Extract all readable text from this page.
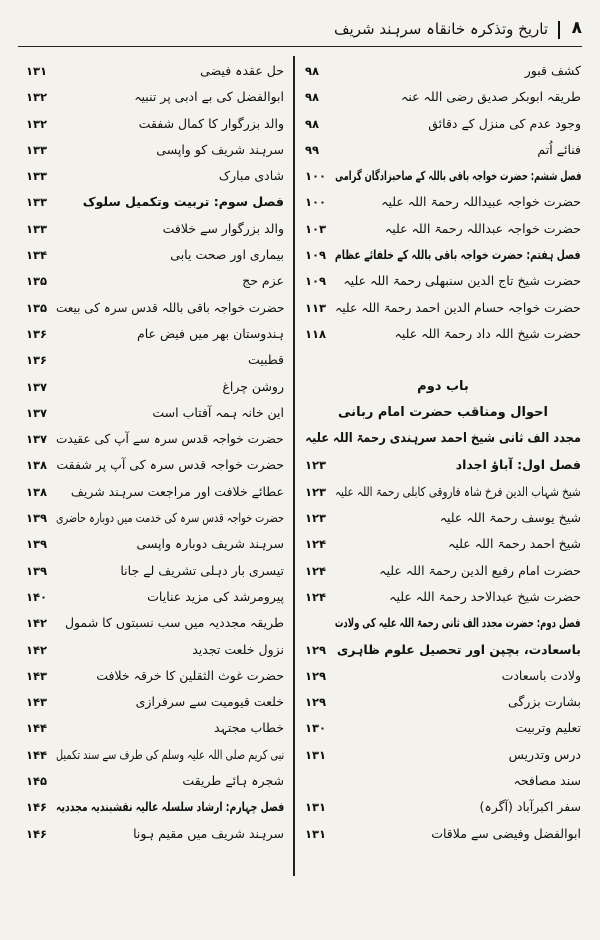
۸
تاریخ وتذکرہ خانقاہ سرہند شریف
کشف قبور
۹۸
طریقہ ابوبکر صدیق رضی اللہ عنہ
۹۸
وجود عدم کی منزل کے دقائق
۹۸
فنائے اُتم
۹۹
فصل ششم: حضرت خواجہ باقی باللہ کے صاحبزادگان گرامی
۱۰۰
حضرت خواجہ عبیداللہ رحمۃ اللہ علیہ
۱۰۰
حضرت خواجہ عبداللہ رحمۃ اللہ علیہ
۱۰۳
فصل ہفتم: حضرت خواجہ باقی باللہ کے خلفائے عظام
۱۰۹
حضرت شیخ تاج الدین سنبھلی رحمۃ اللہ علیہ
۱۰۹
حضرت خواجہ حسام الدین احمد رحمۃ اللہ علیہ
۱۱۳
حضرت شیخ اللہ داد رحمۃ اللہ علیہ
۱۱۸
باب دوم
احوال ومناقب حضرت امام ربانی
مجدد الف ثانی شیخ احمد سرہندی رحمۃ اللہ علیہ
فصل اول: آباؤ اجداد
۱۲۳
شیخ شہاب الدین فرخ شاہ فاروقی کابلی رحمۃ اللہ علیہ
۱۲۳
شیخ یوسف رحمۃ اللہ علیہ
۱۲۳
شیخ احمد رحمۃ اللہ علیہ
۱۲۴
حضرت امام رفیع الدین رحمۃ اللہ علیہ
۱۲۴
حضرت شیخ عبدالاحد رحمۃ اللہ علیہ
۱۲۴
فصل دوم: حضرت مجدد الف ثانی رحمۃ اللہ علیہ کی ولادت
باسعادت، بچپن اور تحصیل علوم ظاہری
۱۲۹
ولادت باسعادت
۱۲۹
بشارت بزرگی
۱۲۹
تعلیم وتربیت
۱۳۰
درس وتدریس
۱۳۱
سند مصافحہ
سفر اکبرآباد (آگرہ)
۱۳۱
ابوالفضل وفیضی سے ملاقات
۱۳۱
حل عقدہ فیضی
۱۳۱
ابوالفضل کی بے ادبی پر تنبیہ
۱۳۲
والد بزرگوار کا کمال شفقت
۱۳۲
سرہند شریف کو واپسی
۱۳۳
شادی مبارک
۱۳۳
فصل سوم: تربیت وتکمیل سلوک
۱۳۳
والد بزرگوار سے خلافت
۱۳۳
بیماری اور صحت یابی
۱۳۴
عزم حج
۱۳۵
حضرت خواجہ باقی باللہ قدس سرہ کی بیعت
۱۳۵
ہندوستان بھر میں فیض عام
۱۳۶
قطبیت
۱۳۶
روشن چراغ
۱۳۷
این خانہ ہمہ آفتاب است
۱۳۷
حضرت خواجہ قدس سرہ سے آپ کی عقیدت
۱۳۷
حضرت خواجہ قدس سرہ کی آپ پر شفقت
۱۳۸
عطائے خلافت اور مراجعت سرہند شریف
۱۳۸
حضرت خواجہ قدس سرہ کی خدمت میں دوبارہ حاضری
۱۳۹
سرہند شریف دوبارہ واپسی
۱۳۹
تیسری بار دہلی تشریف لے جانا
۱۳۹
پیرومرشد کی مزید عنایات
۱۴۰
طریقہ مجددیہ میں سب نسبتوں کا شمول
۱۴۲
نزول خلعت تجدید
۱۴۲
حضرت غوث الثقلین کا خرقہ خلافت
۱۴۳
خلعت قیومیت سے سرفرازی
۱۴۳
خطاب مجتہد
۱۴۴
نبی کریم صلی اللہ علیہ وسلم کی طرف سے سند تکمیل
۱۴۴
شجرہ ہائے طریقت
۱۴۵
فصل چہارم: ارشاد سلسلہ عالیہ نقشبندیہ مجددیہ
۱۴۶
سرہند شریف میں مقیم ہونا
۱۴۶
